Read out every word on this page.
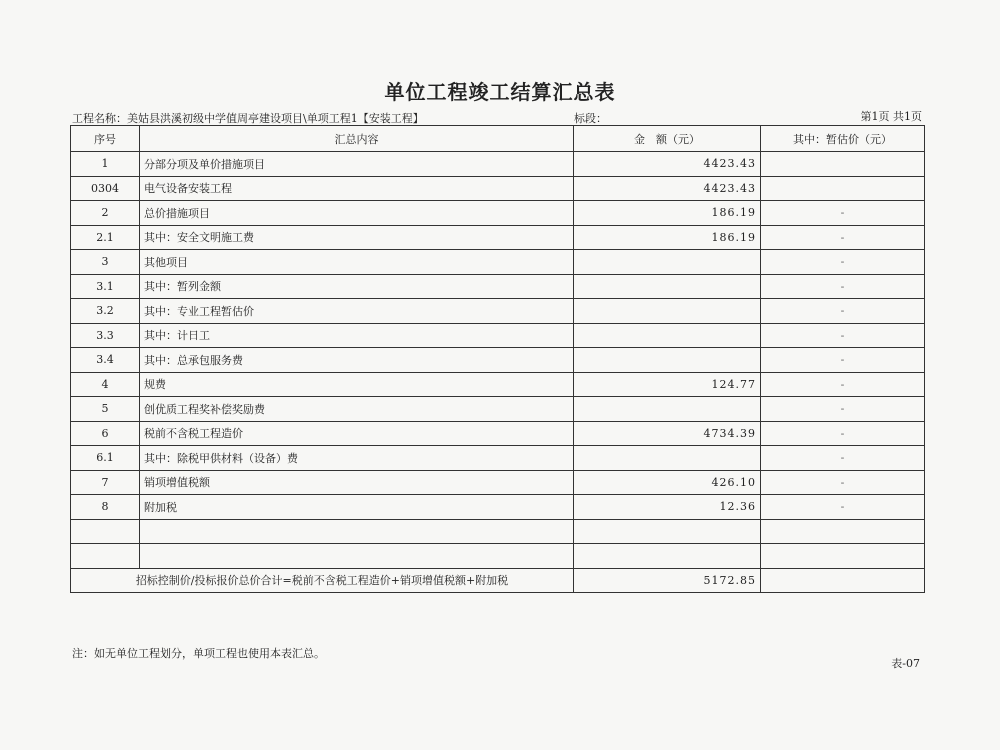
单位工程竣工结算汇总表
工程名称：美姑县洪溪初级中学值周亭建设项目\单项工程1【安装工程】	标段：	第1页 共1页
序号	汇总内容	金　额（元）	其中：暂估价（元）
1	分部分项及单价措施项目	4423.43	
0304	电气设备安装工程	4423.43	
2	总价措施项目	186.19	-
2.1	其中：安全文明施工费	186.19	-
3	其他项目		-
3.1	其中：暂列金额		-
3.2	其中：专业工程暂估价		-
3.3	其中：计日工		-
3.4	其中：总承包服务费		-
4	规费	124.77	-
5	创优质工程奖补偿奖励费		-
6	税前不含税工程造价	4734.39	-
6.1	其中：除税甲供材料（设备）费		-
7	销项增值税额	426.10	-
8	附加税	12.36	-

招标控制价/投标报价总价合计=税前不含税工程造价+销项增值税额+附加税		5172.85	
注：如无单位工程划分，单项工程也使用本表汇总。
表-07
